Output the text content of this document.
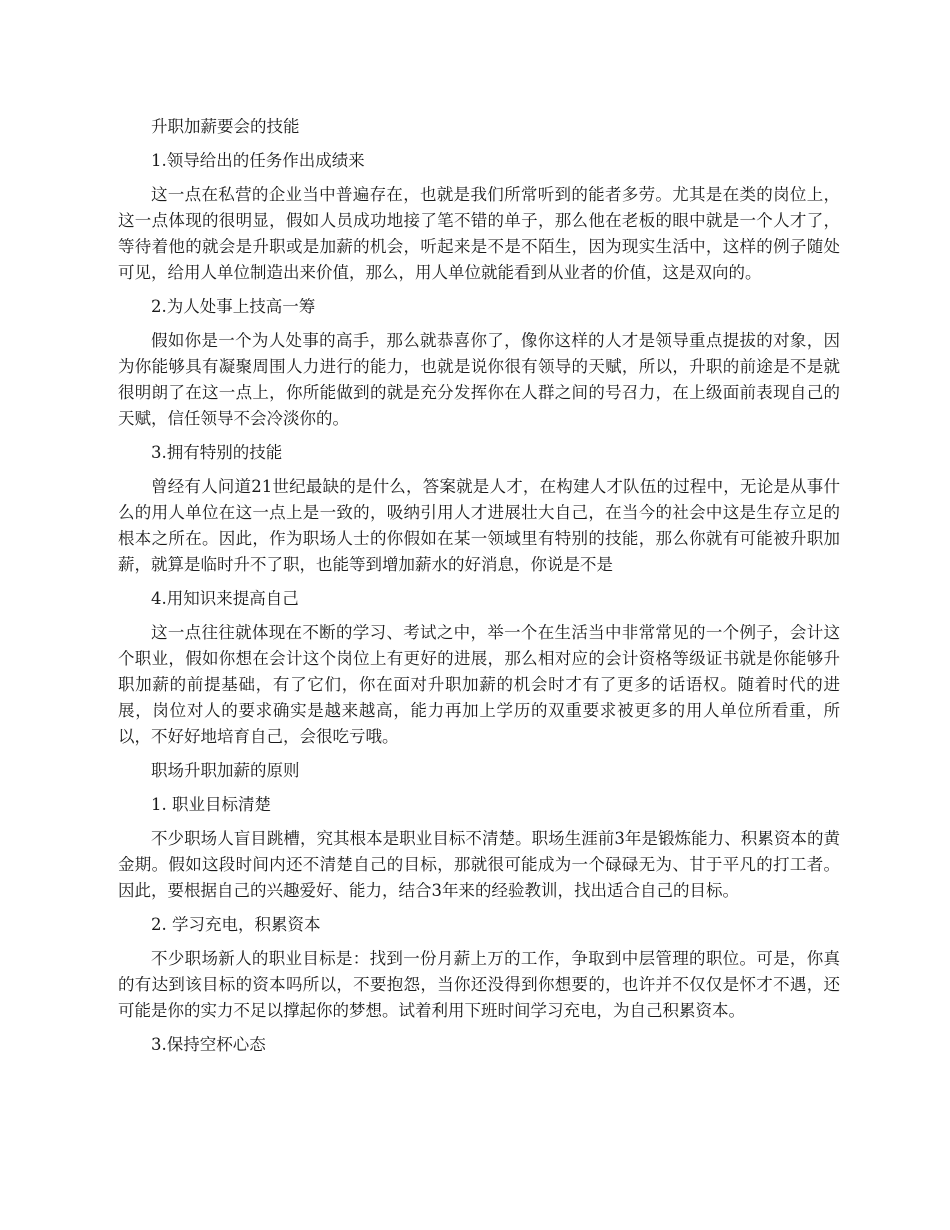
升职加薪要会的技能

1.领导给出的任务作出成绩来

这一点在私营的企业当中普遍存在，也就是我们所常听到的能者多劳。尤其是在类的岗位上，这一点体现的很明显，假如人员成功地接了笔不错的单子，那么他在老板的眼中就是一个人才了，等待着他的就会是升职或是加薪的机会，听起来是不是不陌生，因为现实生活中，这样的例子随处可见，给用人单位制造出来价值，那么，用人单位就能看到从业者的价值，这是双向的。

2.为人处事上技高一筹

假如你是一个为人处事的高手，那么就恭喜你了，像你这样的人才是领导重点提拔的对象，因为你能够具有凝聚周围人力进行的能力，也就是说你很有领导的天赋，所以，升职的前途是不是就很明朗了在这一点上，你所能做到的就是充分发挥你在人群之间的号召力，在上级面前表现自己的天赋，信任领导不会冷淡你的。

3.拥有特别的技能

曾经有人问道21世纪最缺的是什么，答案就是人才，在构建人才队伍的过程中，无论是从事什么的用人单位在这一点上是一致的，吸纳引用人才进展壮大自己，在当今的社会中这是生存立足的根本之所在。因此，作为职场人士的你假如在某一领域里有特别的技能，那么你就有可能被升职加薪，就算是临时升不了职，也能等到增加薪水的好消息，你说是不是

4.用知识来提高自己

这一点往往就体现在不断的学习、考试之中，举一个在生活当中非常常见的一个例子，会计这个职业，假如你想在会计这个岗位上有更好的进展，那么相对应的会计资格等级证书就是你能够升职加薪的前提基础，有了它们，你在面对升职加薪的机会时才有了更多的话语权。随着时代的进展，岗位对人的要求确实是越来越高，能力再加上学历的双重要求被更多的用人单位所看重，所以，不好好地培育自己，会很吃亏哦。

职场升职加薪的原则

1. 职业目标清楚

不少职场人盲目跳槽，究其根本是职业目标不清楚。职场生涯前3年是锻炼能力、积累资本的黄金期。假如这段时间内还不清楚自己的目标，那就很可能成为一个碌碌无为、甘于平凡的打工者。因此，要根据自己的兴趣爱好、能力，结合3年来的经验教训，找出适合自己的目标。

2. 学习充电，积累资本

不少职场新人的职业目标是：找到一份月薪上万的工作，争取到中层管理的职位。可是，你真的有达到该目标的资本吗所以，不要抱怨，当你还没得到你想要的，也许并不仅仅是怀才不遇，还可能是你的实力不足以撑起你的梦想。试着利用下班时间学习充电，为自己积累资本。

3.保持空杯心态
